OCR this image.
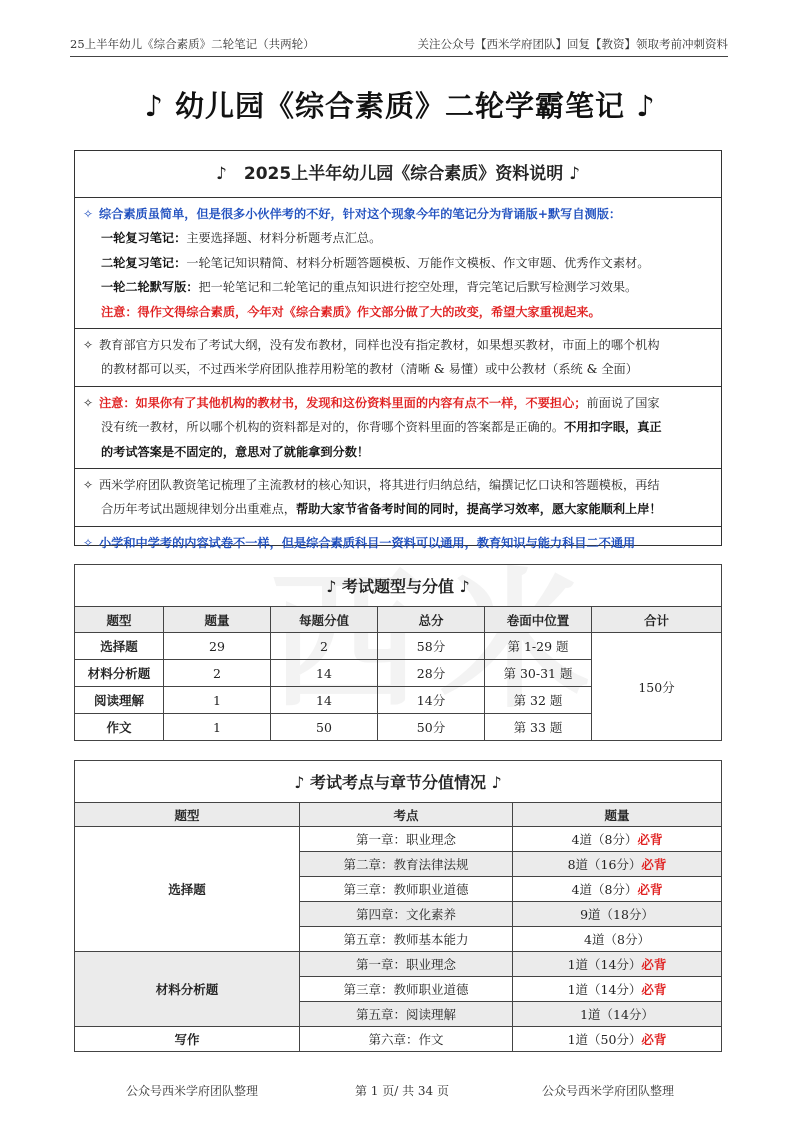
25上半年幼儿《综合素质》二轮笔记（共两轮）	关注公众号【西米学府团队】回复【教资】领取考前冲刺资料
♪ 幼儿园《综合素质》二轮学霸笔记 ♪
♪　2025上半年幼儿园《综合素质》资料说明 ♪
✧ 综合素质虽简单，但是很多小伙伴考的不好，针对这个现象今年的笔记分为背诵版+默写自测版：
一轮复习笔记：主要选择题、材料分析题考点汇总。
二轮复习笔记：一轮笔记知识精简、材料分析题答题模板、万能作文模板、作文审题、优秀作文素材。
一轮二轮默写版：把一轮笔记和二轮笔记的重点知识进行挖空处理，背完笔记后默写检测学习效果。
注意：得作文得综合素质，今年对《综合素质》作文部分做了大的改变，希望大家重视起来。
✧ 教育部官方只发布了考试大纲，没有发布教材，同样也没有指定教材，如果想买教材，市面上的哪个机构
的教材都可以买，不过西米学府团队推荐用粉笔的教材（清晰 & 易懂）或中公教材（系统 & 全面）
✧ 注意：如果你有了其他机构的教材书，发现和这份资料里面的内容有点不一样，不要担心；前面说了国家
没有统一教材，所以哪个机构的资料都是对的，你背哪个资料里面的答案都是正确的。不用扣字眼，真正
的考试答案是不固定的，意思对了就能拿到分数！
✧ 西米学府团队教资笔记梳理了主流教材的核心知识，将其进行归纳总结，编撰记忆口诀和答题模板，再结
合历年考试出题规律划分出重难点，帮助大家节省备考时间的同时，提高学习效率，愿大家能顺利上岸！
✧ 小学和中学考的内容试卷不一样，但是综合素质科目一资料可以通用，教育知识与能力科目二不通用
♪ 考试题型与分值 ♪					
题型	题量	每题分值	总分	卷面中位置	合计
选择题	29	2	58分	第 1-29 题	150分
材料分析题	2	14	28分	第 30-31 题	
阅读理解	1	14	14分	第 32 题	
作文	1	50	50分	第 33 题	
♪ 考试考点与章节分值情况 ♪		
题型	考点	题量
选择题	第一章：职业理念	4道（8分）必背
	第二章：教育法律法规	8道（16分）必背
	第三章：教师职业道德	4道（8分）必背
	第四章：文化素养	9道（18分）
	第五章：教师基本能力	4道（8分）
材料分析题	第一章：职业理念	1道（14分）必背
	第三章：教师职业道德	1道（14分）必背
	第五章：阅读理解	1道（14分）
写作	第六章：作文	1道（50分）必背
公众号西米学府团队整理	第 1 页/ 共 34 页	公众号西米学府团队整理
